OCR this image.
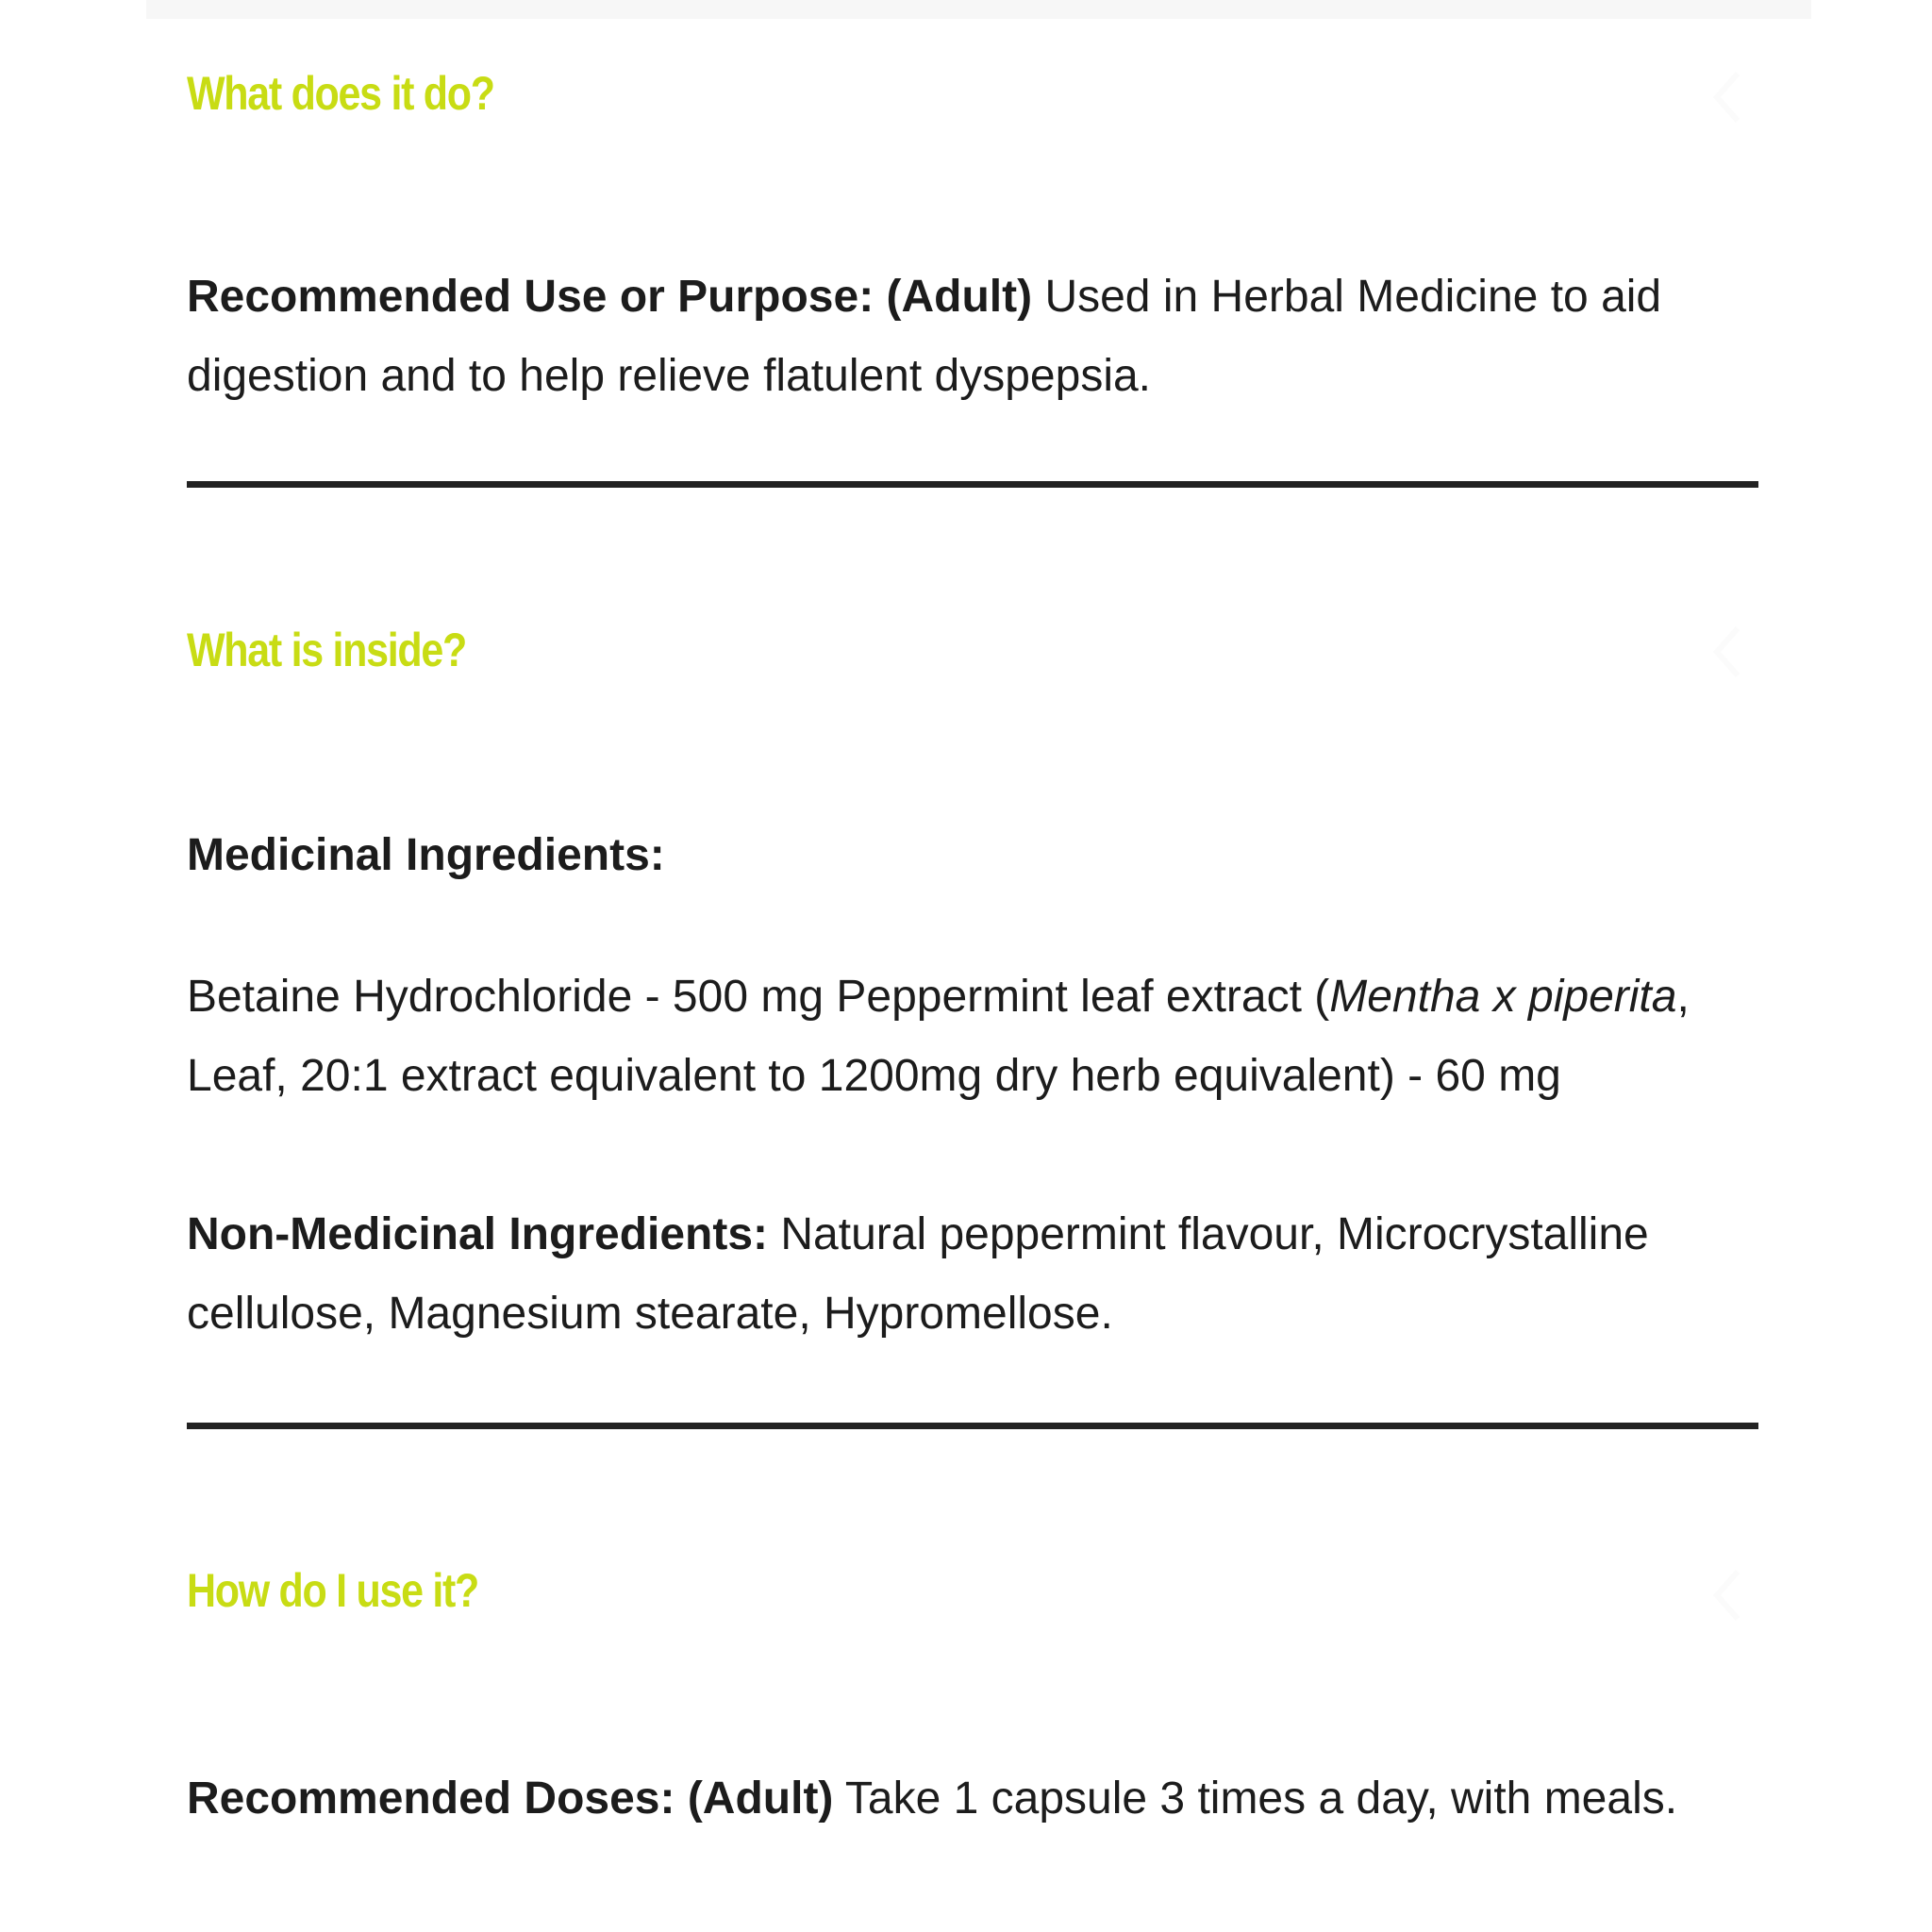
What does it do?

Recommended Use or Purpose: (Adult) Used in Herbal Medicine to aid digestion and to help relieve flatulent dyspepsia.

What is inside?

Medicinal Ingredients:

Betaine Hydrochloride - 500 mg Peppermint leaf extract (Mentha x piperita, Leaf, 20:1 extract equivalent to 1200mg dry herb equivalent) - 60 mg

Non-Medicinal Ingredients: Natural peppermint flavour, Microcrystalline cellulose, Magnesium stearate, Hypromellose.

How do I use it?

Recommended Doses: (Adult) Take 1 capsule 3 times a day, with meals.
